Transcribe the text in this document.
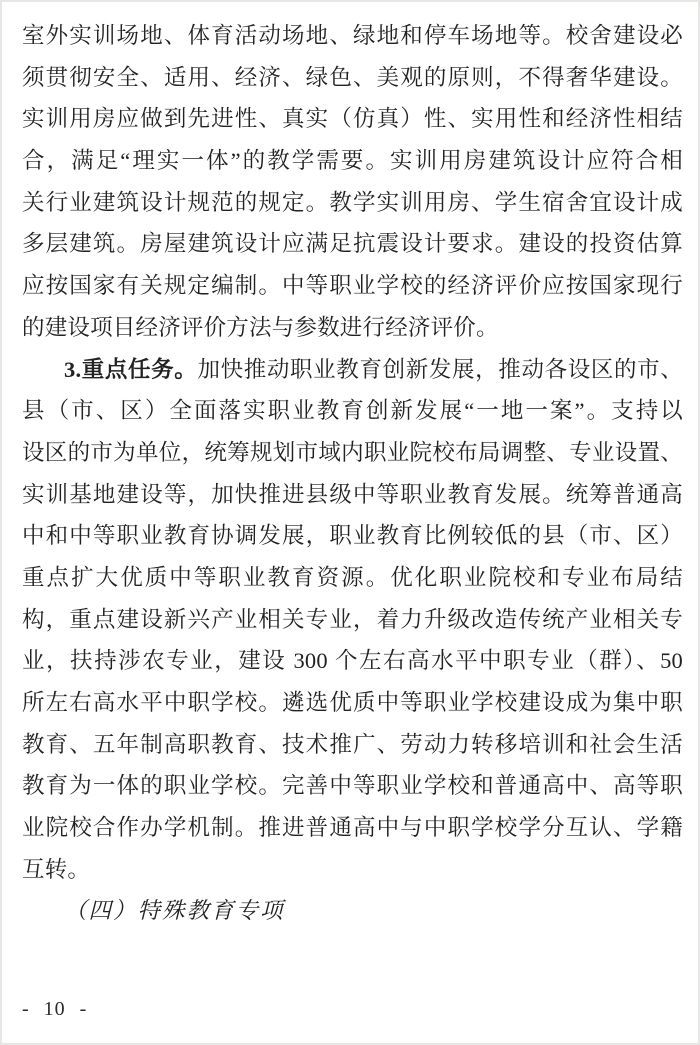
室外实训场地、体育活动场地、绿地和停车场地等。校舍建设必
须贯彻安全、适用、经济、绿色、美观的原则，不得奢华建设。
实训用房应做到先进性、真实（仿真）性、实用性和经济性相结
合，满足“理实一体”的教学需要。实训用房建筑设计应符合相
关行业建筑设计规范的规定。教学实训用房、学生宿舍宜设计成
多层建筑。房屋建筑设计应满足抗震设计要求。建设的投资估算
应按国家有关规定编制。中等职业学校的经济评价应按国家现行
的建设项目经济评价方法与参数进行经济评价。
3.重点任务。加快推动职业教育创新发展，推动各设区的市、
县（市、区）全面落实职业教育创新发展“一地一案”。支持以
设区的市为单位，统筹规划市域内职业院校布局调整、专业设置、
实训基地建设等，加快推进县级中等职业教育发展。统筹普通高
中和中等职业教育协调发展，职业教育比例较低的县（市、区）
重点扩大优质中等职业教育资源。优化职业院校和专业布局结
构，重点建设新兴产业相关专业，着力升级改造传统产业相关专
业，扶持涉农专业，建设 300 个左右高水平中职专业（群）、50
所左右高水平中职学校。遴选优质中等职业学校建设成为集中职
教育、五年制高职教育、技术推广、劳动力转移培训和社会生活
教育为一体的职业学校。完善中等职业学校和普通高中、高等职
业院校合作办学机制。推进普通高中与中职学校学分互认、学籍
互转。
（四）特殊教育专项
- 10 -
